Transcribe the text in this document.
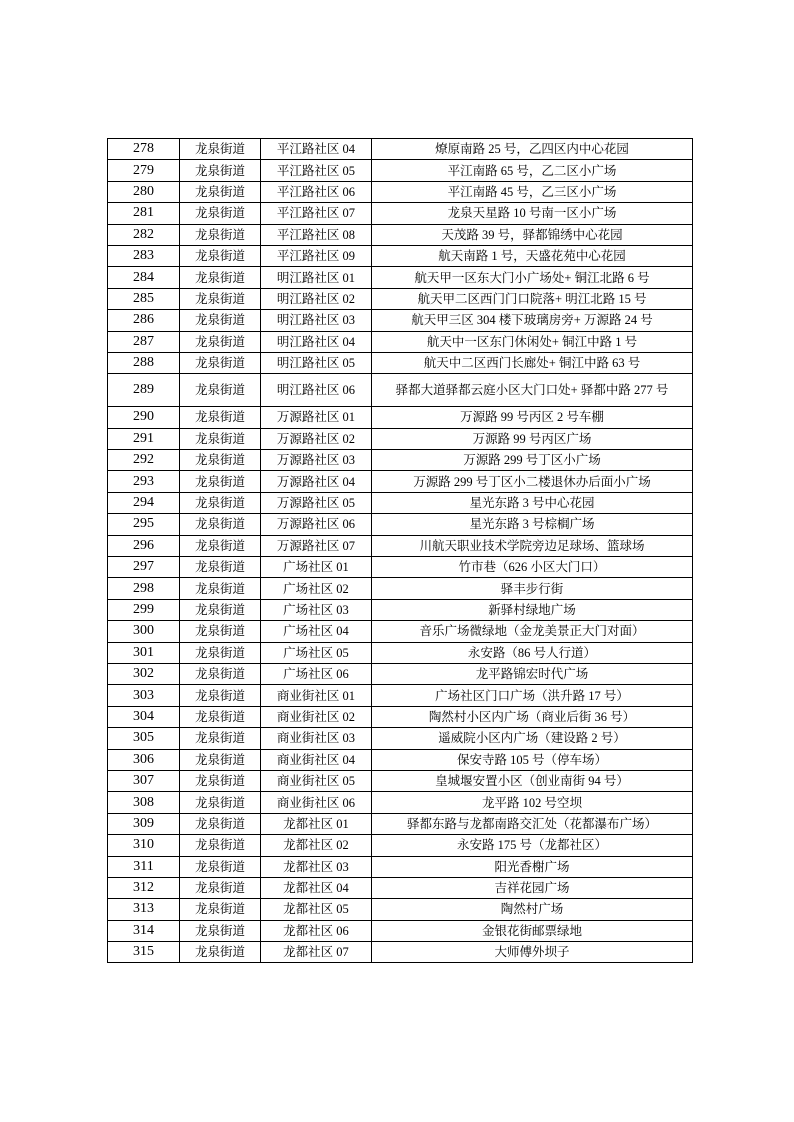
278	龙泉街道	平江路社区 04	燎原南路 25 号，乙四区内中心花园
279	龙泉街道	平江路社区 05	平江南路 65 号，乙二区小广场
280	龙泉街道	平江路社区 06	平江南路 45 号，乙三区小广场
281	龙泉街道	平江路社区 07	龙泉天星路 10 号南一区小广场
282	龙泉街道	平江路社区 08	天茂路 39 号，驿都锦绣中心花园
283	龙泉街道	平江路社区 09	航天南路 1 号，天盛花苑中心花园
284	龙泉街道	明江路社区 01	航天甲一区东大门小广场处+ 铜江北路 6 号
285	龙泉街道	明江路社区 02	航天甲二区西门门口院落+ 明江北路 15 号
286	龙泉街道	明江路社区 03	航天甲三区 304 楼下玻璃房旁+ 万源路 24 号
287	龙泉街道	明江路社区 04	航天中一区东门休闲处+ 铜江中路 1 号
288	龙泉街道	明江路社区 05	航天中二区西门长廊处+ 铜江中路 63 号
289	龙泉街道	明江路社区 06	驿都大道驿都云庭小区大门口处+ 驿都中路 277 号
290	龙泉街道	万源路社区 01	万源路 99 号丙区 2 号车棚
291	龙泉街道	万源路社区 02	万源路 99 号丙区广场
292	龙泉街道	万源路社区 03	万源路 299 号丁区小广场
293	龙泉街道	万源路社区 04	万源路 299 号丁区小二楼退休办后面小广场
294	龙泉街道	万源路社区 05	星光东路 3 号中心花园
295	龙泉街道	万源路社区 06	星光东路 3 号棕榈广场
296	龙泉街道	万源路社区 07	川航天职业技术学院旁边足球场、篮球场
297	龙泉街道	广场社区 01	竹市巷（626 小区大门口）
298	龙泉街道	广场社区 02	驿丰步行街
299	龙泉街道	广场社区 03	新驿村绿地广场
300	龙泉街道	广场社区 04	音乐广场微绿地（金龙美景正大门对面）
301	龙泉街道	广场社区 05	永安路（86 号人行道）
302	龙泉街道	广场社区 06	龙平路锦宏时代广场
303	龙泉街道	商业街社区 01	广场社区门口广场（洪升路 17 号）
304	龙泉街道	商业街社区 02	陶然村小区内广场（商业后街 36 号）
305	龙泉街道	商业街社区 03	遥威院小区内广场（建设路 2 号）
306	龙泉街道	商业街社区 04	保安寺路 105 号（停车场）
307	龙泉街道	商业街社区 05	皇城堰安置小区（创业南街 94 号）
308	龙泉街道	商业街社区 06	龙平路 102 号空坝
309	龙泉街道	龙都社区 01	驿都东路与龙都南路交汇处（花都瀑布广场）
310	龙泉街道	龙都社区 02	永安路 175 号（龙都社区）
311	龙泉街道	龙都社区 03	阳光香榭广场
312	龙泉街道	龙都社区 04	吉祥花园广场
313	龙泉街道	龙都社区 05	陶然村广场
314	龙泉街道	龙都社区 06	金银花街邮票绿地
315	龙泉街道	龙都社区 07	大师傅外坝子
